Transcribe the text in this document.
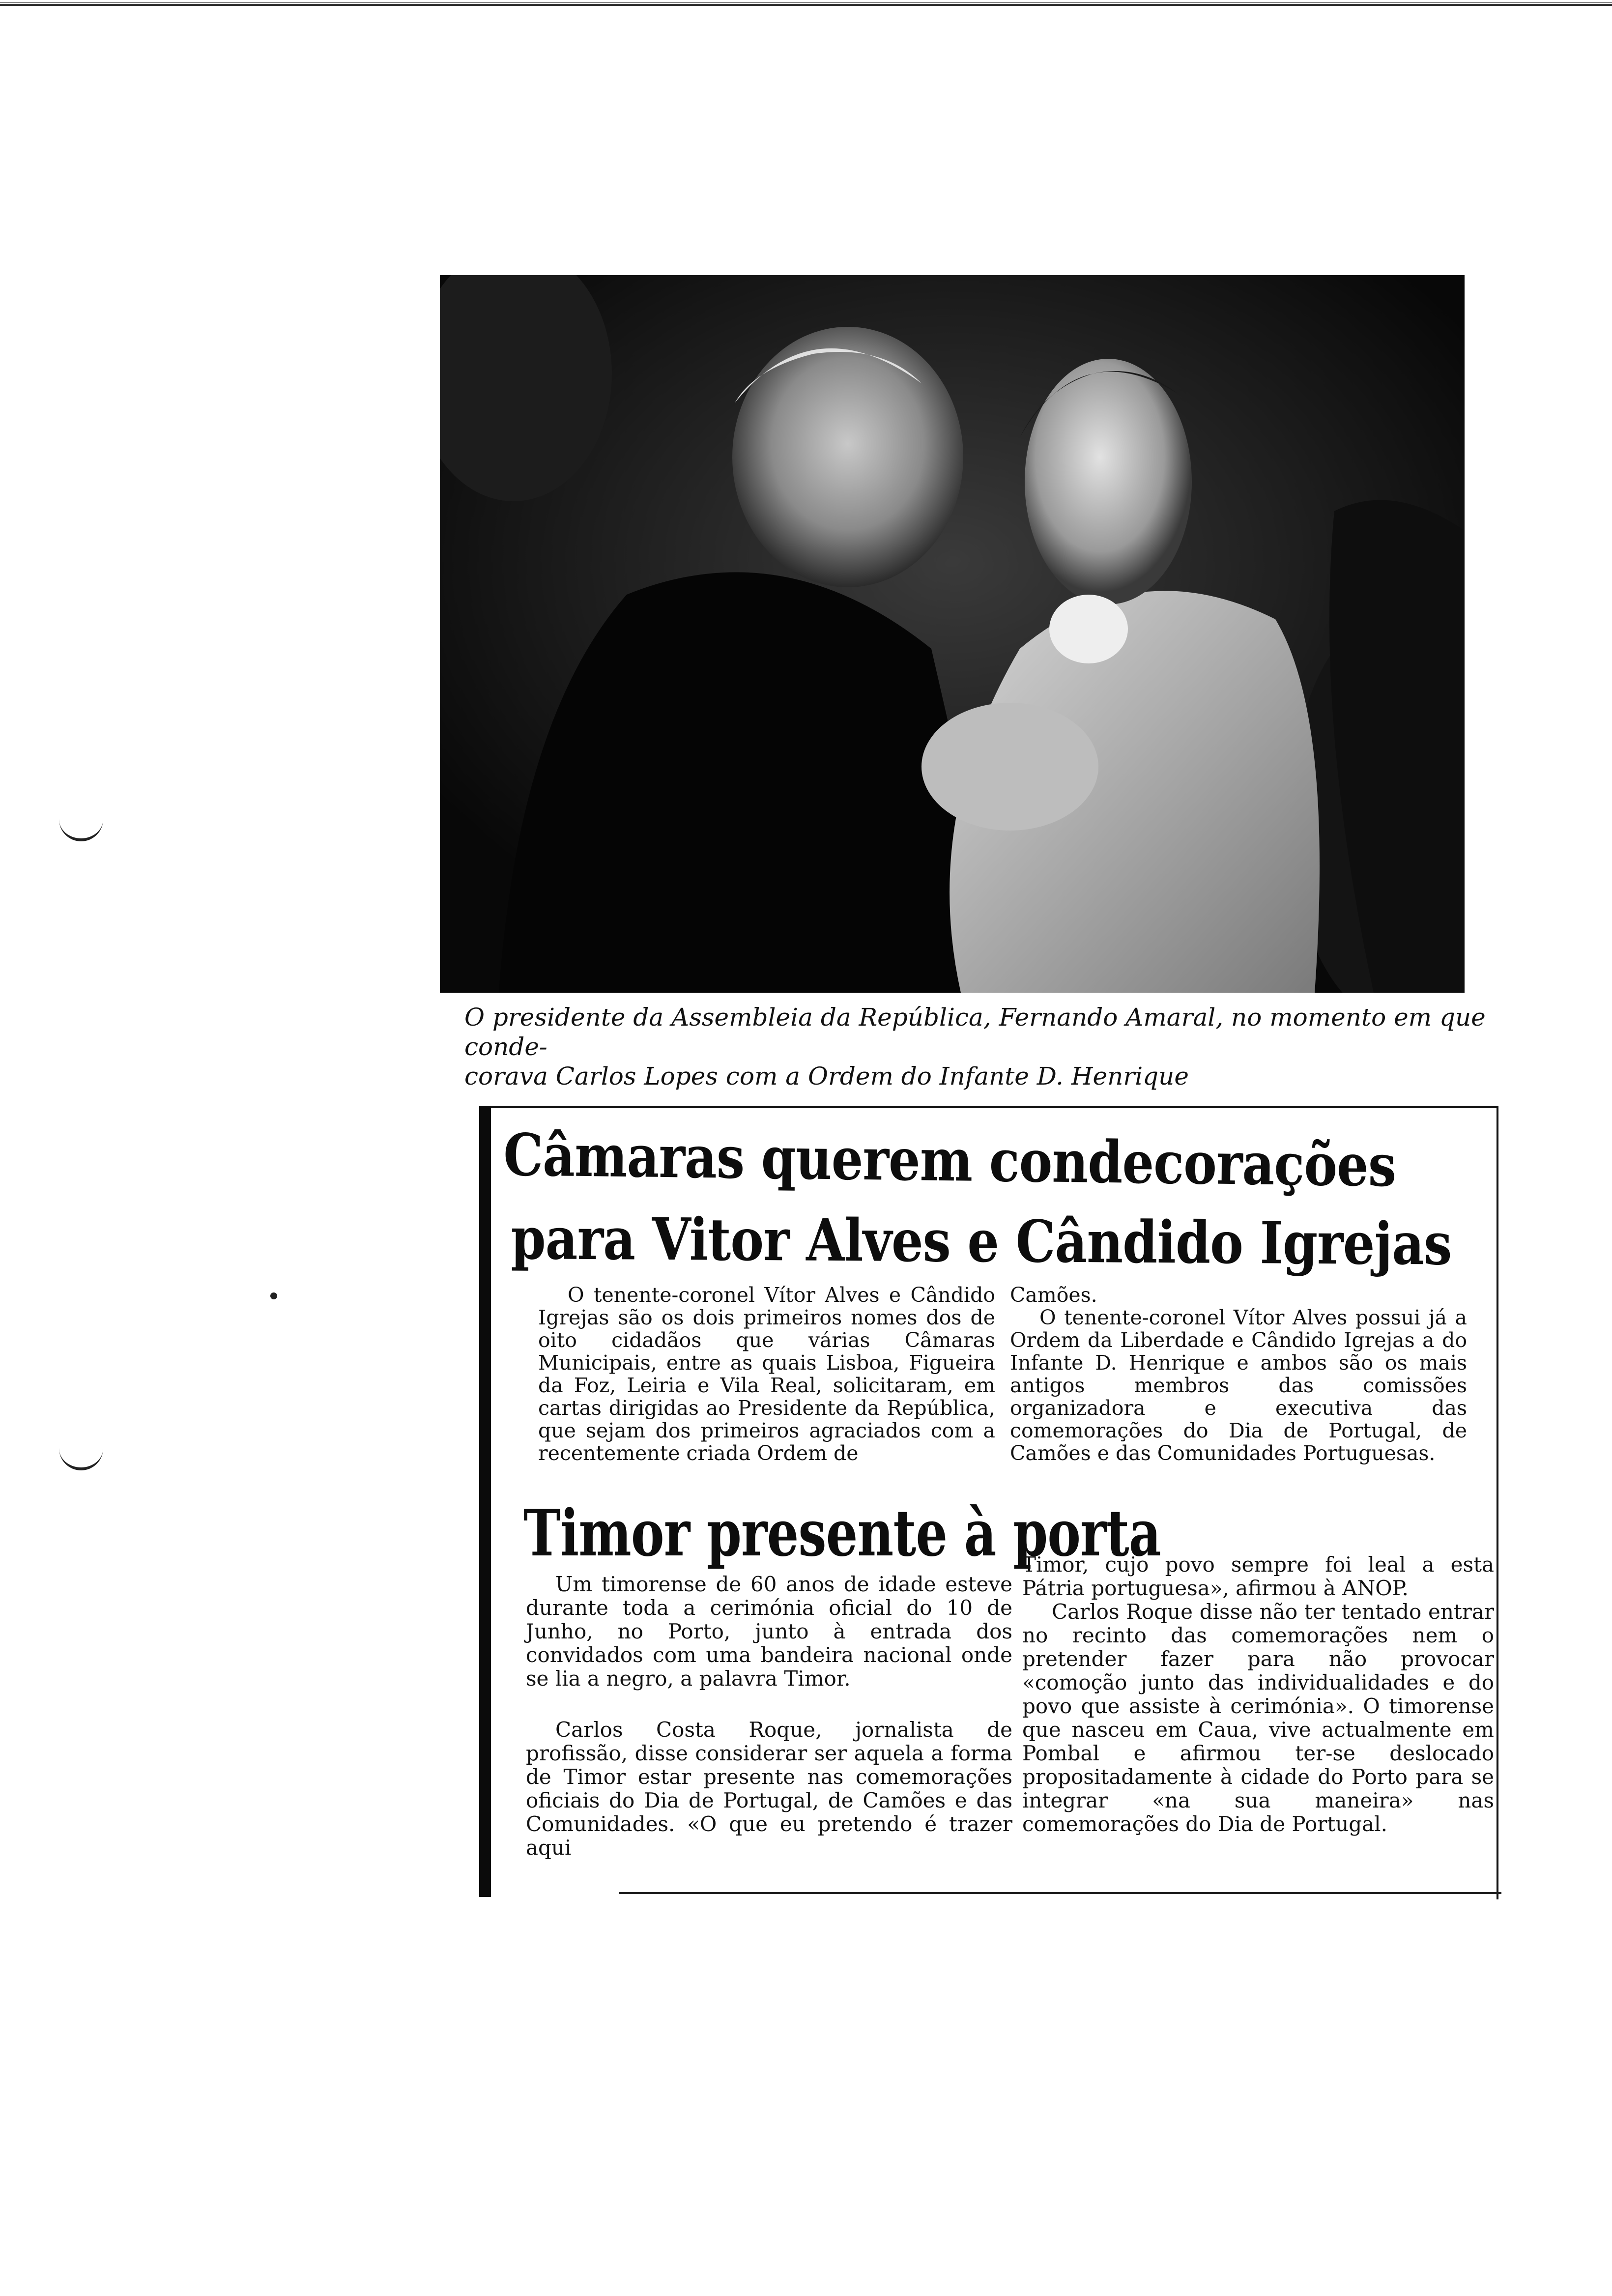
O presidente da Assembleia da República, Fernando Amaral, no momento em que conde-
corava Carlos Lopes com a Ordem do Infante D. Henrique
Câmaras querem condecorações
para Vitor Alves e Cândido Igrejas

O tenente-coronel Vítor Alves e Cândido Igrejas são os dois primeiros nomes dos de oito cidadãos que várias Câmaras Municipais, entre as quais Lisboa, Figueira da Foz, Leiria e Vila Real, solicitaram, em cartas dirigidas ao Presidente da República, que sejam dos primeiros agraciados com a recentemente criada Ordem de

Camões.

O tenente-coronel Vítor Alves possui já a Ordem da Liberdade e Cândido Igrejas a do Infante D. Henrique e ambos são os mais antigos membros das comissões organizadora e executiva das comemorações do Dia de Portugal, de Camões e das Comunidades Portuguesas.

Timor presente à porta

Um timorense de 60 anos de idade esteve durante toda a cerimónia oficial do 10 de Junho, no Porto, junto à entrada dos convidados com uma bandeira nacional onde se lia a negro, a palavra Timor.

Carlos Costa Roque, jornalista de profissão, disse considerar ser aquela a forma de Timor estar presente nas comemorações oficiais do Dia de Portugal, de Camões e das Comunidades. «O que eu pretendo é trazer aqui

Timor, cujo povo sempre foi leal a esta Pátria portuguesa», afirmou à ANOP.

Carlos Roque disse não ter tentado entrar no recinto das comemorações nem o pretender fazer para não provocar «comoção junto das individualidades e do povo que assiste à cerimónia». O timorense que nasceu em Caua, vive actualmente em Pombal e afirmou ter-se deslocado propositadamente à cidade do Porto para se integrar «na sua maneira» nas comemorações do Dia de Portugal.
